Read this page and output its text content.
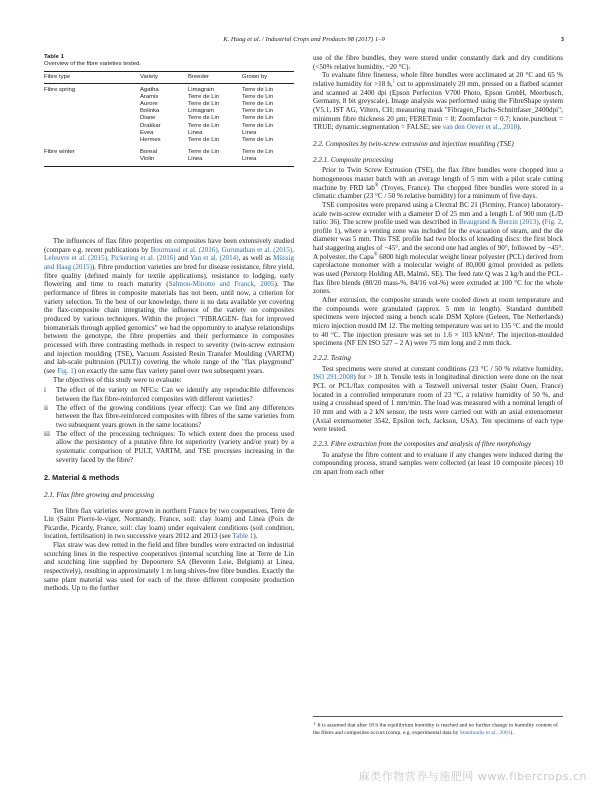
K. Haag et al. / Industrial Crops and Products 98 (2017) 1–9	3
Table 1
Overview of the fibre varieties tested.
Fibre type	Variety	Breeder	Grown by
Fibre spring	Agatha	Limagrain	Terre de Lin
	Aramis	Terre de Lin	Terre de Lin
	Aurore	Terre de Lin	Terre de Lin
	Bolinka	Limagrain	Terre de Lin
	Diane	Terre de Lin	Terre de Lin
	Drakkar	Terre de Lin	Terre de Lin
	Evea	Linea	Linea
	Hermes	Terre de Lin	Terre de Lin
Fibre winter	Boreal	Terre de Lin	Terre de Lin
	Violin	Linea	Linea

The influences of flax fibre properties on composites have been extensively studied (compare e.g. recent publications by Bourmaud et al. (2016), Gurunathan et al. (2015), Lefeuvre et al. (2015), Pickering et al. (2016) and Yan et al. (2014), as well as Müssig and Haag (2015)). Fibre production varieties are bred for disease resistance, fibre yield, fibre quality (defined mainly for textile applications), resistance to lodging, early flowering and time to reach maturity (Salmon-Minotte and Franck, 2005). The performance of fibres in composite materials has not been, until now, a criterion for variety selection. To the best of our knowledge, there is no data available yet covering the flax-composite chain integrating the influence of the variety on composites produced by various techniques. Within the project "FIBRAGEN- flax for improved biomaterials through applied genomics" we had the opportunity to analyse relationships between the genotype, the fibre properties and their performance in composites processed with three contrasting methods in respect to severity (twin-screw extrusion and injection moulding (TSE), Vacuum Assisted Resin Transfer Moulding (VARTM) and lab-scale pultrusion (PULT)) covering the whole range of the "flax playground" (see Fig. 1) on exactly the same flax variety panel over two subsequent years.

The objectives of this study were to evaluate:

i	The effect of the variety on NFCs: Can we identify any reproducible differences between the flax fibre-reinforced composites with different varieties?
ii	The effect of the growing conditions (year effect): Can we find any differences between the flax fibre-reinforced composites with fibres of the same varieties from two subsequent years grown in the same locations?
iii The effect of the processing techniques: To which extent does the process used allow the persistency of a putative fibre lot superiority (variety and/or year) by a systematic comparison of PULT, VARTM, and TSE processes increasing in the severity faced by the fibre?
2. Material & methods
2.1. Flax fibre growing and processing

Ten fibre flax varieties were grown in northern France by two cooperatives, Terre de Lin (Saint Pierre-le-viger, Normandy, France, soil: clay loam) and Linea (Poix de Picardie, Picardy, France, soil: clay loam) under equivalent conditions (soil condition, location, fertilisation) in two successive years 2012 and 2013 (see Table 1).

Flax straw was dew retted in the field and fibre bundles were extracted on industrial scutching lines in the respective cooperatives (internal scutching line at Terre de Lin and scutching line supplied by Depoortere SA (Beveren Leie, Belgium) at Linea, respectively), resulting in approximately 1 m long shives-free fibre bundles. Exactly the same plant material was used for each of the three different composite production methods. Up to the further

use of the fibre bundles, they were stored under constantly dark and dry conditions (<50% relative humidity, ~20 °C).

To evaluate fibre fineness, whole fibre bundles were acclimated at 20 °C and 65 % relative humidity for >18 h,$^1$ cut to approximately 20 mm, pressed on a flatbed scanner and scanned at 2400 dpi (Epson Perfection V700 Photo, Epson GmbH, Meerbusch, Germany, 8 bit greyscale). Image analysis was performed using the FibreShape system (V5.1, IST AG, Vilters, CH; measuring mask "Fibragen_Flachs-Schnittfaser_2400dpi"; minimum fibre thickness 20 µm; FERETmin = 8; Zoomfactor = 0.7; knote.punchout = TRUE; dynamic.segmentation = FALSE; see van den Oever et al., 2010).

2.2. Composites by twin-screw extrusion and injection moulding (TSE)
2.2.1. Composite processing

Prior to Twin Screw Extrusion (TSE), the flax fibre bundles were chopped into a homogeneous master batch with an average length of 5 mm with a pilot scale cutting machine by FRD lab® (Troyes, France). The chopped fibre bundles were stored in a climatic chamber (23 °C / 50 % relative humidity) for a minimum of five days.

TSE composites were prepared using a Clextral BC 21 (Firminy, France) laboratory-scale twin-screw extruder with a diameter D of 25 mm and a length L of 900 mm (L/D ratio: 36). The screw profile used was described in Beaugrand & Berzin (2013), (Fig. 2, profile 1), where a venting zone was included for the evacuation of steam, and the die diameter was 5 mm. This TSE profile had two blocks of kneading discs: the first block had staggering angles of −45°, and the second one had angles of 90°, followed by −45°. A polyester, the Capa® 6800 high molecular weight linear polyester (PCL) derived from caprolactone monomer with a molecular weight of 80,000 g/mol provided as pellets was used (Perstorp Holding AB, Malmö, SE). The feed rate Q was 2 kg/h and the PCL-flax fibre blends (80/20 mass-%, 84/16 vol-%) were extruded at 100 °C for the whole zones.

After extrusion, the composite strands were cooled down at room temperature and the compounds were granulated (approx. 5 mm in length). Standard dumbbell specimens were injected using a bench scale DSM Xplore (Geleen, The Netherlands) micro injection mould IM 12. The melting temperature was set to 135 °C and the mould to 40 °C. The injection pressure was set to 1.6 × 103 kN/m². The injection-moulded specimens (NF EN ISO 527 – 2 A) were 75 mm long and 2 mm thick.

2.2.2. Testing

Test specimens were stored at constant conditions (23 °C / 50 % relative humidity, ISO 291:2008) for > 18 h. Tensile tests in longitudinal direction were done on the neat PCL or PCL/flax composites with a Testwell universal tester (Saint Ouen, France) located in a controlled temperature room of 23 °C, a relative humidity of 50 %, and using a crosshead speed of 1 mm/min. The load was measured with a nominal length of 10 mm and with a 2 kN sensor, the tests were carried out with an axial extensometer (Axial extensometer 3542, Epsilon tech, Jackson, USA). Ten specimens of each type were tested.

2.2.3. Fibre extraction from the composites and analysis of fibre morphology

To analyse the fibre content and to evaluate if any changes were induced during the compounding process, strand samples were collected (at least 10 composite pieces) 10 cm apart from each other

$^1$ It is assumed that after 18 h the equilibrium humidity is reached and no further change in humidity content of the fibres and composites occurs (comp. e.g. experimental data by Stamboulis et al., 2001).
麻类作物营养与施肥网 www.fibercrops.cn
